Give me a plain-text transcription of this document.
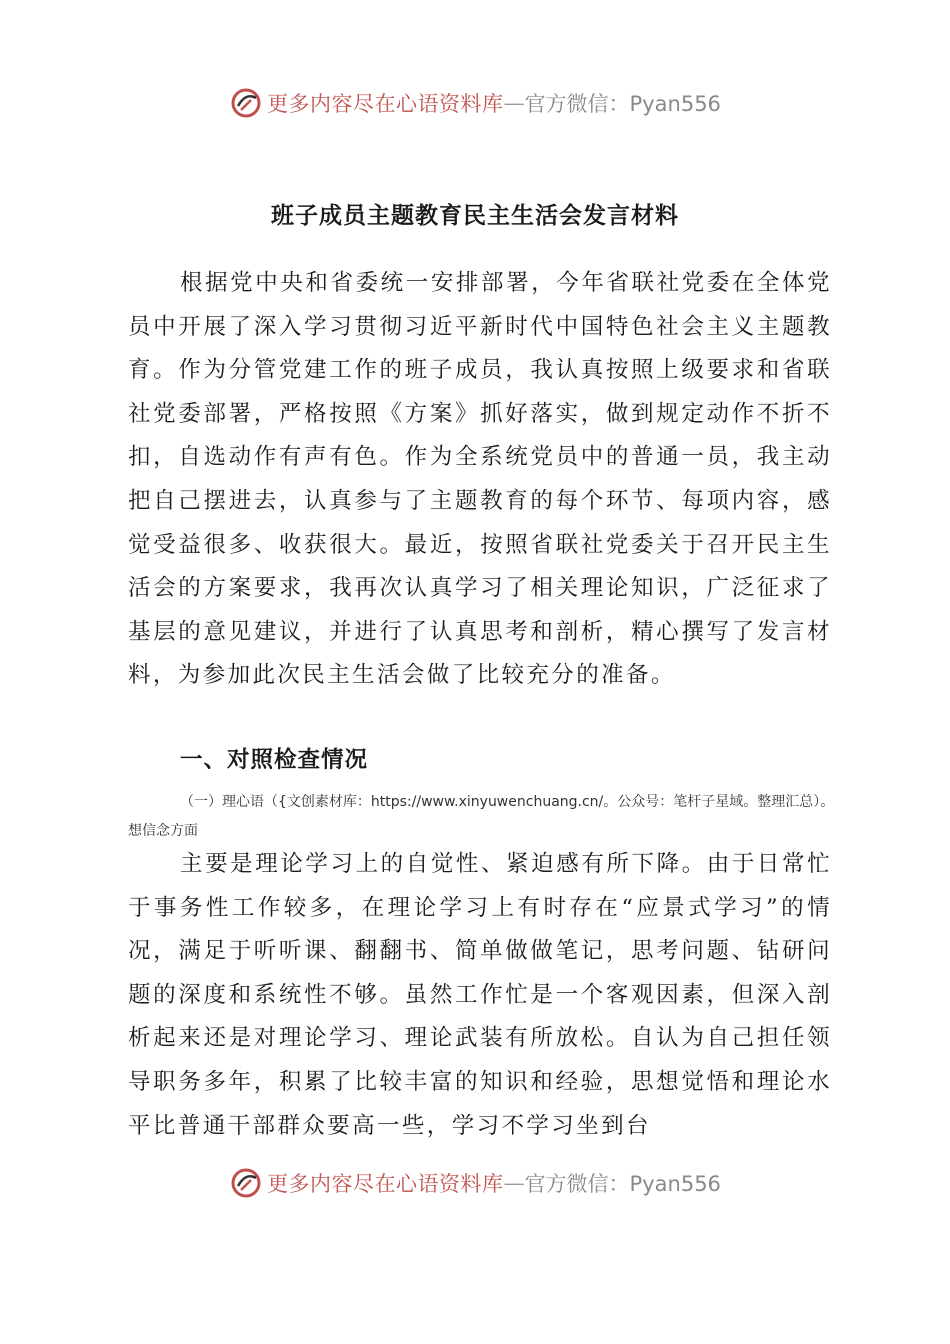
更多内容尽在心语资料库 — 官方微信：Pyan556
班子成员主题教育民主生活会发言材料

根据党中央和省委统一安排部署，今年省联社党委在全体党员中开展了深入学习贯彻习近平新时代中国特色社会主义主题教育。作为分管党建工作的班子成员，我认真按照上级要求和省联社党委部署，严格按照《方案》抓好落实，做到规定动作不折不扣，自选动作有声有色。作为全系统党员中的普通一员，我主动把自己摆进去，认真参与了主题教育的每个环节、每项内容，感觉受益很多、收获很大。最近，按照省联社党委关于召开民主生活会的方案要求，我再次认真学习了相关理论知识，广泛征求了基层的意见建议，并进行了认真思考和剖析，精心撰写了发言材料，为参加此次民主生活会做了比较充分的准备。

一、对照检查情况

（一）理心语（{文创素材库：https://www.xinyuwenchuang.cn/。公众号：笔杆子星域。整理汇总）。想信念方面

主要是理论学习上的自觉性、紧迫感有所下降。由于日常忙于事务性工作较多，在理论学习上有时存在“应景式学习”的情况，满足于听听课、翻翻书、简单做做笔记，思考问题、钻研问题的深度和系统性不够。虽然工作忙是一个客观因素，但深入剖析起来还是对理论学习、理论武装有所放松。自认为自己担任领导职务多年，积累了比较丰富的知识和经验，思想觉悟和理论水平比普通干部群众要高一些，学习不学习坐到台

更多内容尽在心语资料库 — 官方微信：Pyan556
